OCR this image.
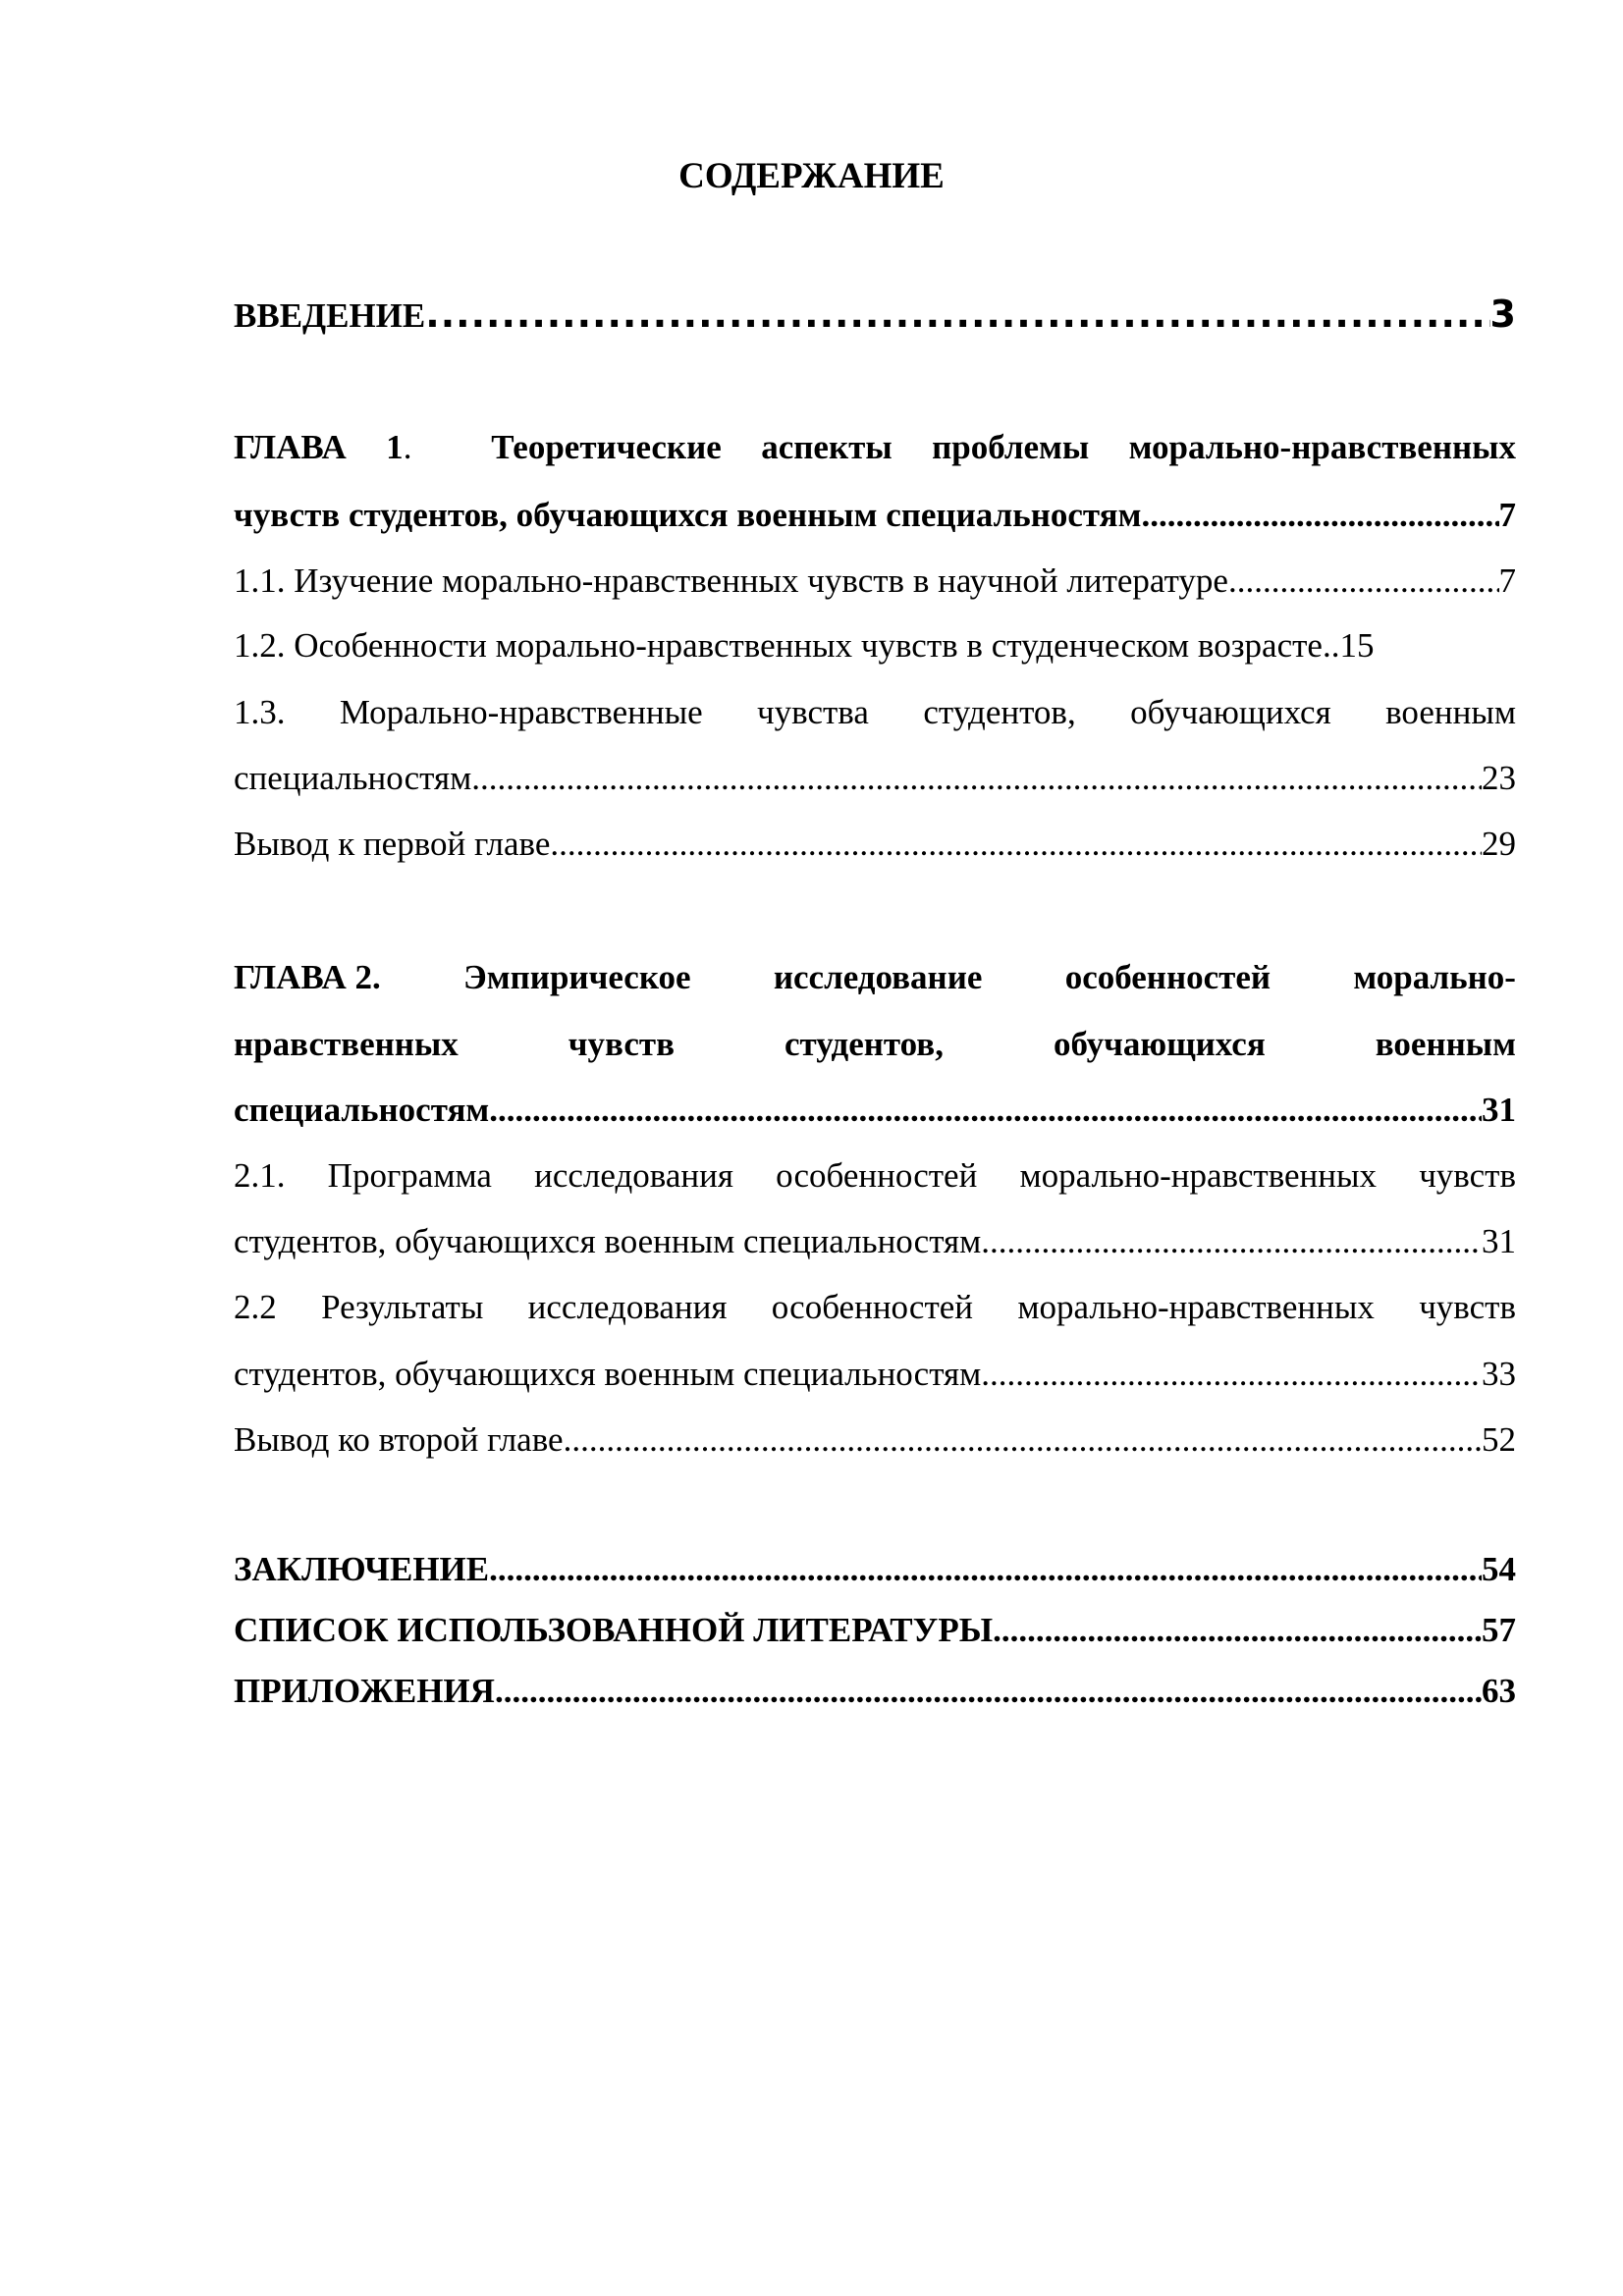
СОДЕРЖАНИЕ
ВВЕДЕНИЕ .....	3
ГЛАВА 1. Теоретические аспекты проблемы морально-нравственных
чувств студентов, обучающихся военным специальностям .....	7
1.1. Изучение морально-нравственных чувств в научной литературе .....	7
1.2. Особенности морально-нравственных чувств в студенческом возрасте. .15
1.3. Морально-нравственные чувства студентов, обучающихся военным
специальностям .....	23
Вывод к первой главе .....	29
ГЛАВА 2. Эмпирическое исследование особенностей морально-
нравственных	чувств	студентов,	обучающихся	военным
специальностям .....	31
2.1. Программа исследования особенностей морально-нравственных чувств
студентов, обучающихся военным специальностям .....	31
2.2 Результаты исследования особенностей морально-нравственных чувств
студентов, обучающихся военным специальностям .....	33
Вывод ко второй главе .....	52
ЗАКЛЮЧЕНИЕ .....	54
СПИСОК ИСПОЛЬЗОВАННОЙ ЛИТЕРАТУРЫ .....	57
ПРИЛОЖЕНИЯ .....	63
